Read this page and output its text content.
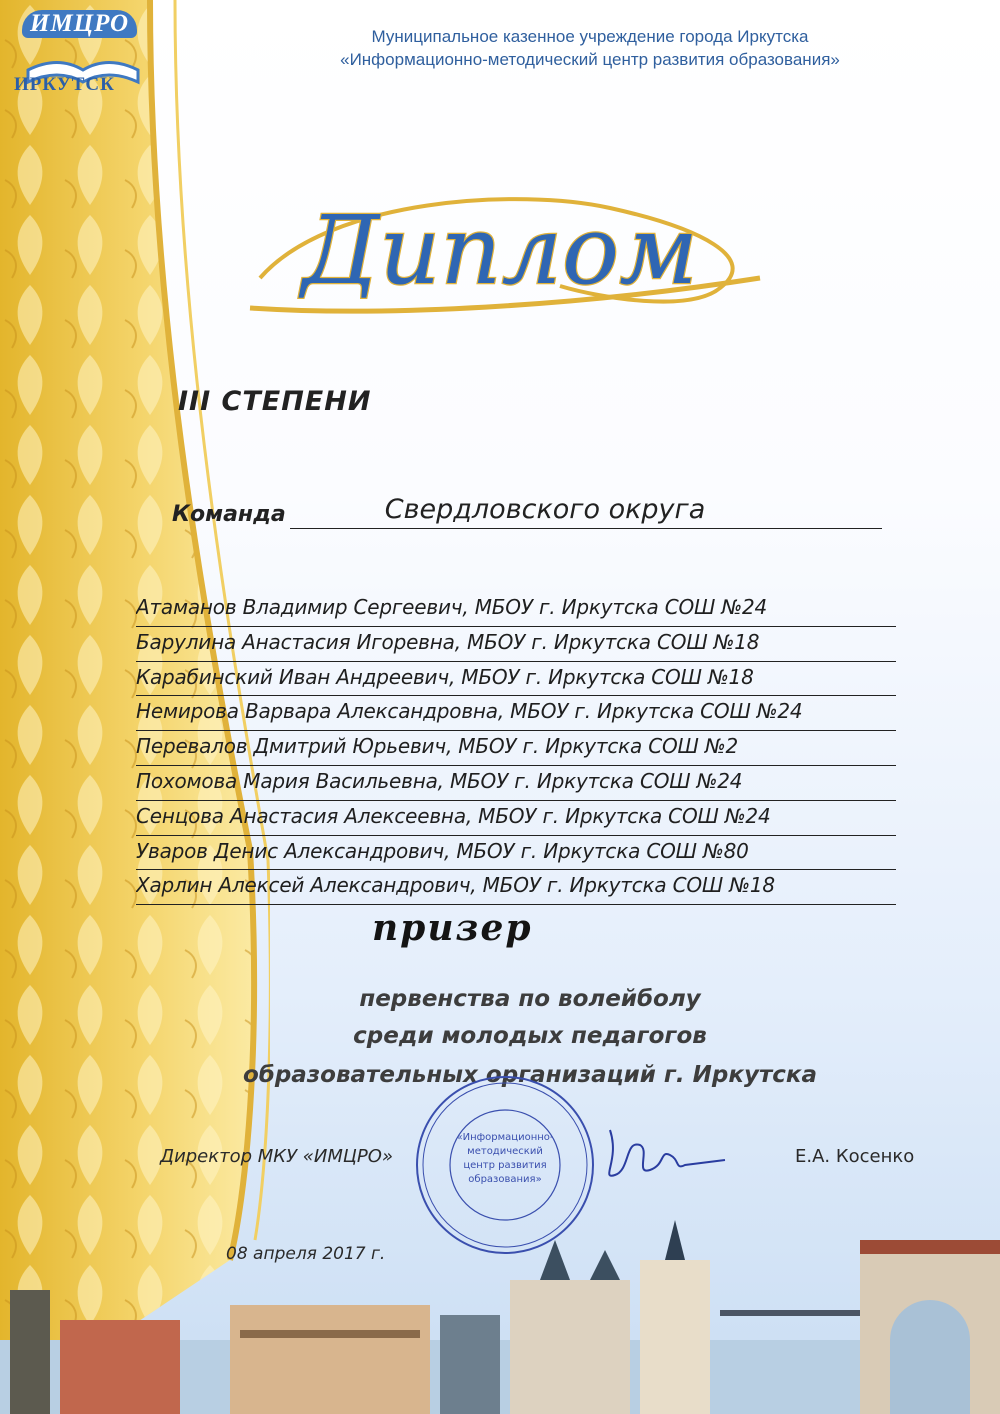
ИМЦРО
ИРКУТСК
Муниципальное казенное учреждение города Иркутска
«Информационно-методический центр развития образования»
Диплом
III СТЕПЕНИ
Команда	Свердловского округа
Атаманов Владимир Сергеевич, МБОУ г. Иркутска СОШ №24
Барулина Анастасия Игоревна, МБОУ г. Иркутска СОШ №18
Карабинский Иван Андреевич, МБОУ г. Иркутска СОШ №18
Немирова Варвара Александровна, МБОУ г. Иркутска СОШ №24
Перевалов Дмитрий Юрьевич, МБОУ г. Иркутска СОШ №2
Похомова Мария Васильевна, МБОУ г. Иркутска СОШ №24
Сенцова Анастасия Алексеевна, МБОУ г. Иркутска СОШ №24
Уваров Денис Александрович, МБОУ г. Иркутска СОШ №80
Харлин Алексей Александрович, МБОУ г. Иркутска СОШ №18
призер
первенства по волейболу
среди молодых педагогов
образовательных организаций г. Иркутска
«Информационно-
методический
центр развития
образования»
Директор МКУ «ИМЦРО»	Е.А. Косенко
08 апреля 2017 г.
